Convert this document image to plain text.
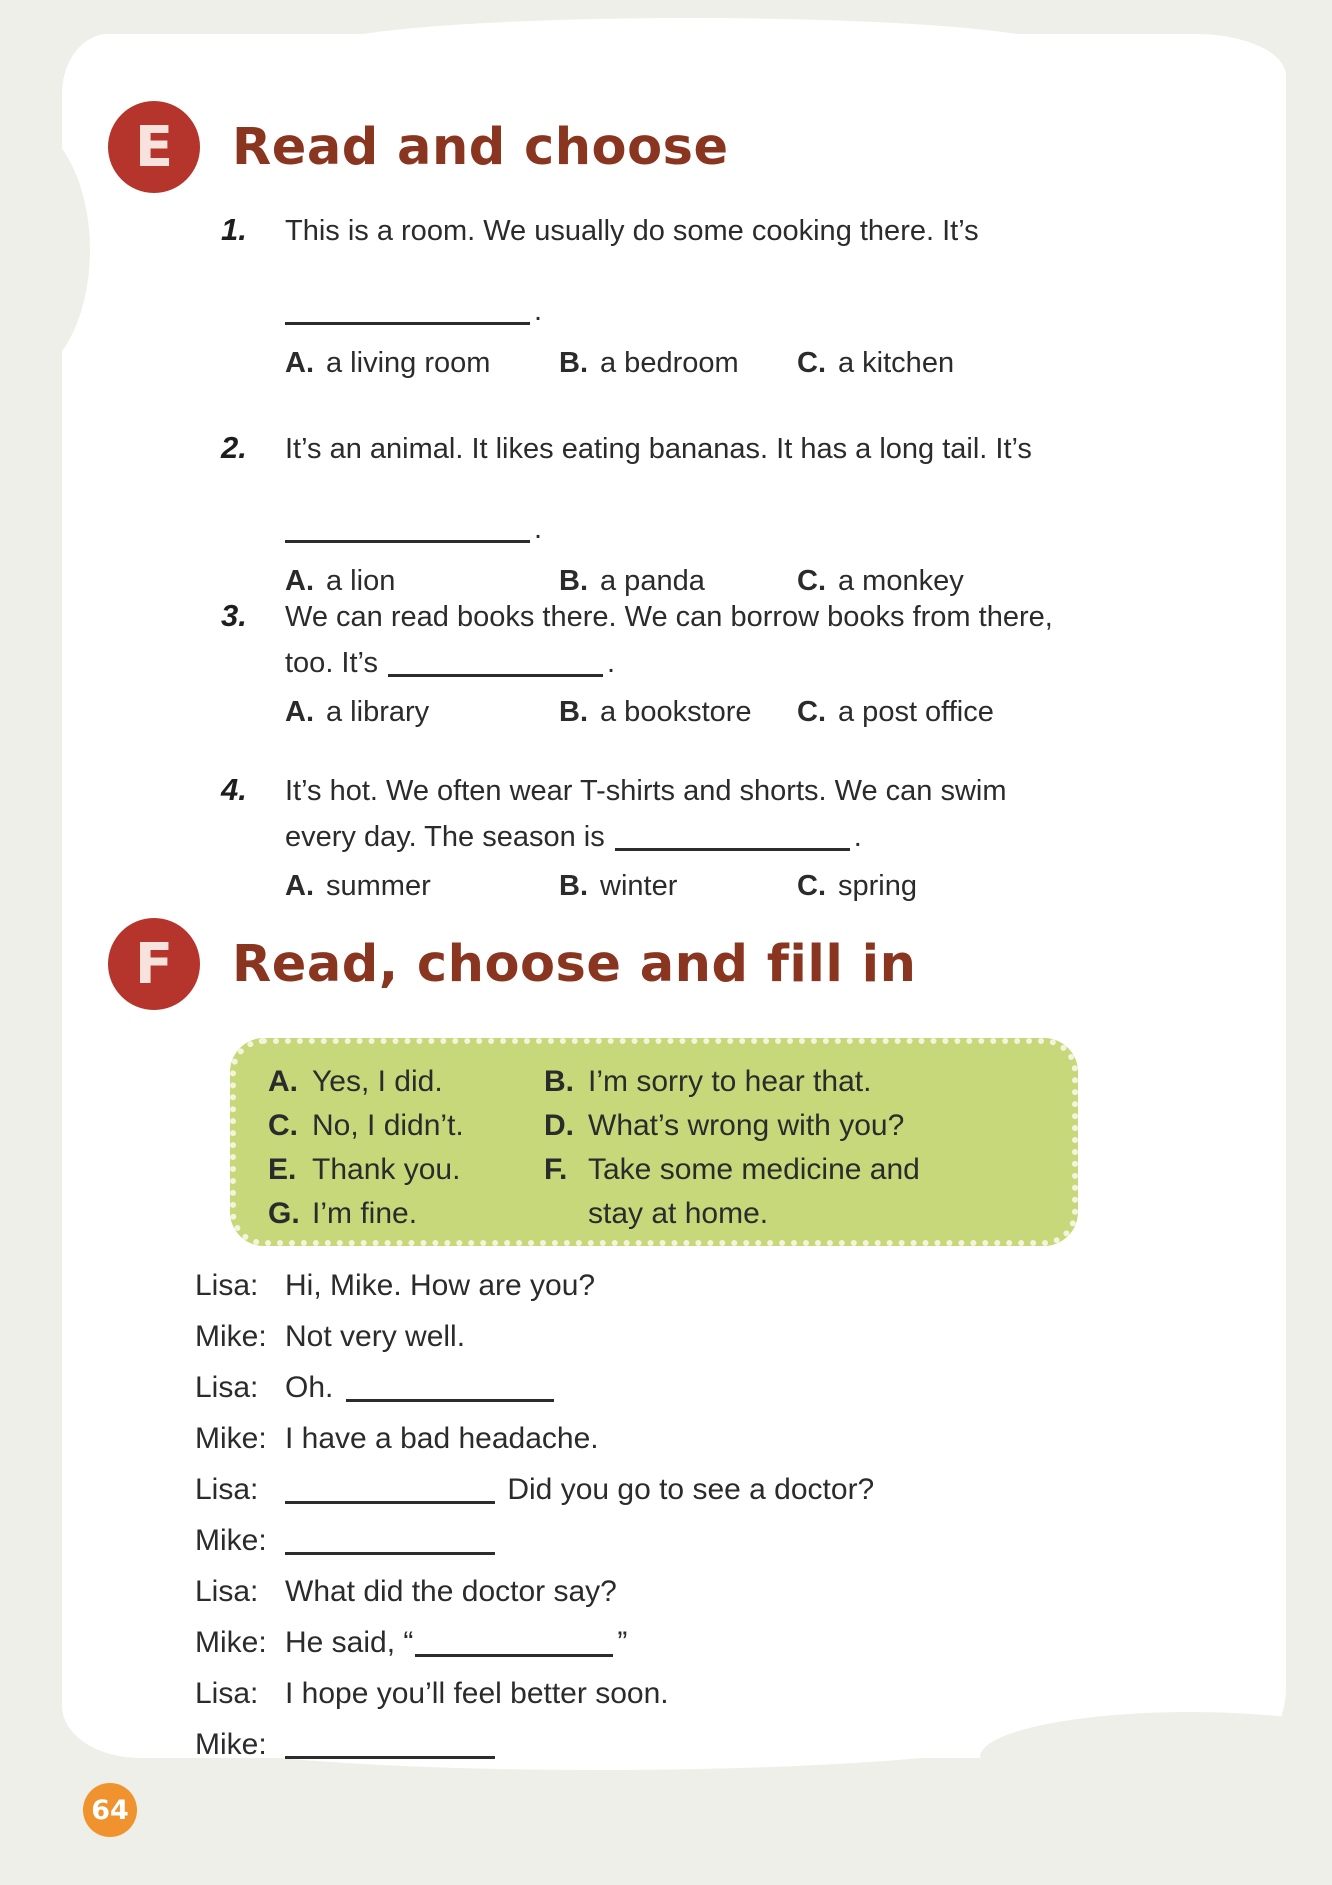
E	Read and choose
1. This is a room. We usually do some cooking there. It’s
.
A. a living room	B. a bedroom	C. a kitchen
2. It’s an animal. It likes eating bananas. It has a long tail. It’s
.
A. a lion	B. a panda	C. a monkey
3. We can read books there. We can borrow books from there,
too. It’s	.
A. a library	B. a bookstore	C. a post office
4. It’s hot. We often wear T-shirts and shorts. We can swim
every day. The season is	.
A. summer	B. winter	C. spring
F	Read, choose and fill in
A. Yes, I did.
C. No, I didn’t.
E. Thank you.
G. I’m fine.
B. I’m sorry to hear that.
D. What’s wrong with you?
F. Take some medicine and stay at home.
Lisa: Hi, Mike. How are you?
Mike: Not very well.
Lisa: Oh.
Mike: I have a bad headache.
Lisa:	Did you go to see a doctor?
Mike:
Lisa: What did the doctor say?
Mike: He said, “	”
Lisa: I hope you’ll feel better soon.
Mike:
64
